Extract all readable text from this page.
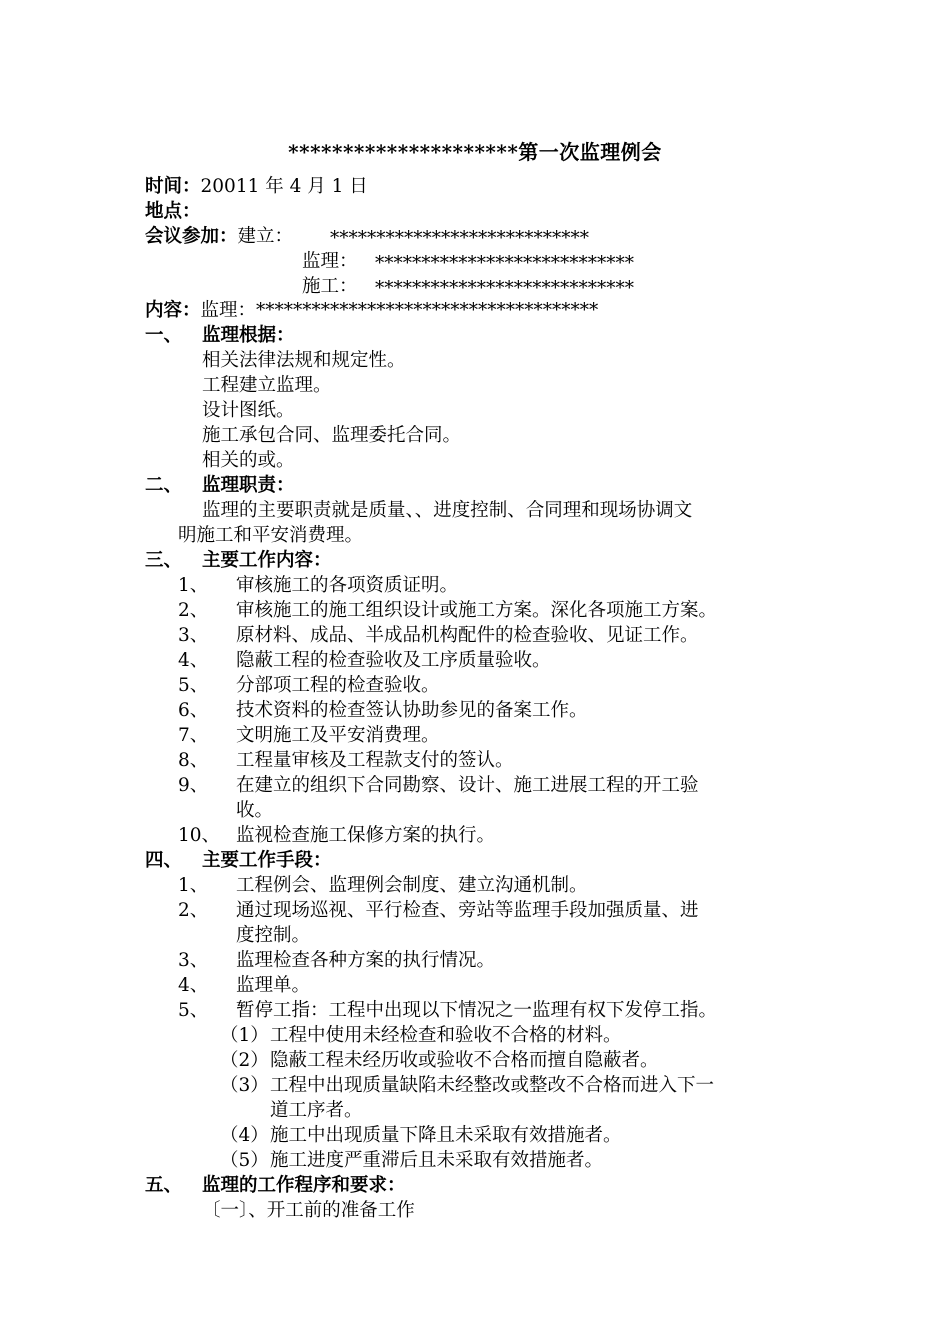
*********************第一次监理例会
时间：20011 年 4 月 1 日
地点：
会议参加：建立： ****************************
监理： ****************************
施工： ****************************
内容：监理：*************************************
一、 监理根据：
相关法律法规和规定性。
工程建立监理。
设计图纸。
施工承包合同、监理委托合同。
相关的或。
二、 监理职责：
监理的主要职责就是质量、、进度控制、合同理和现场协调文
明施工和平安消费理。
三、 主要工作内容：
1、 审核施工的各项资质证明。
2、 审核施工的施工组织设计或施工方案。深化各项施工方案。
3、 原材料、成品、半成品机构配件的检查验收、见证工作。
4、 隐蔽工程的检查验收及工序质量验收。
5、 分部项工程的检查验收。
6、 技术资料的检查签认协助参见的备案工作。
7、 文明施工及平安消费理。
8、 工程量审核及工程款支付的签认。
9、 在建立的组织下合同勘察、设计、施工进展工程的开工验
收。
10、 监视检查施工保修方案的执行。
四、 主要工作手段：
1、 工程例会、监理例会制度、建立沟通机制。
2、 通过现场巡视、平行检查、旁站等监理手段加强质量、进
度控制。
3、 监理检查各种方案的执行情况。
4、 监理单。
5、 暂停工指：工程中出现以下情况之一监理有权下发停工指。
（1） 工程中使用未经检查和验收不合格的材料。
（2） 隐蔽工程未经历收或验收不合格而擅自隐蔽者。
（3） 工程中出现质量缺陷未经整改或整改不合格而进入下一
道工序者。
（4） 施工中出现质量下降且未采取有效措施者。
（5） 施工进度严重滞后且未采取有效措施者。
五、 监理的工作程序和要求：
〔一〕、开工前的准备工作
